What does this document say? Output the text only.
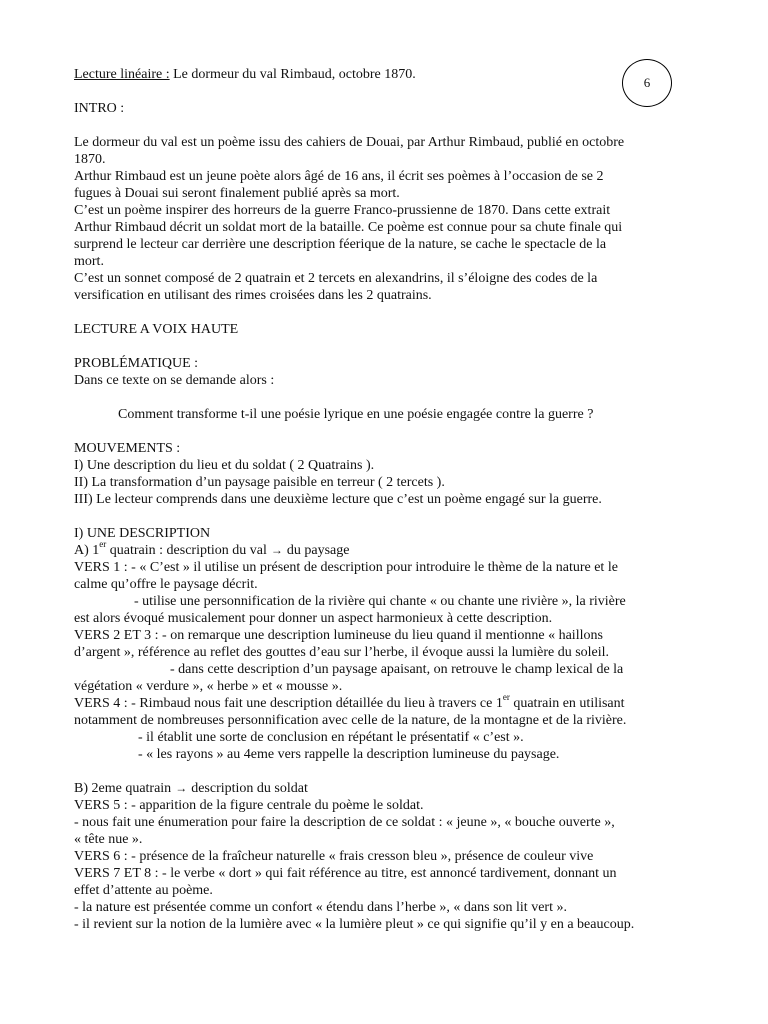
6
Lecture linéaire : Le dormeur du val Rimbaud, octobre 1870.
INTRO :
Le dormeur du val est un poème issu des cahiers de Douai, par Arthur Rimbaud, publié en octobre
1870.
Arthur Rimbaud est un jeune poète alors âgé de 16 ans, il écrit ses poèmes à l’occasion de se 2
fugues à Douai sui seront finalement publié après sa mort.
C’est un poème inspirer des horreurs de la guerre Franco-prussienne de 1870. Dans cette extrait
Arthur Rimbaud décrit un soldat mort de la bataille. Ce poème est connue pour sa chute finale qui
surprend le lecteur car derrière une description féerique de la nature, se cache le spectacle de la
mort.
C’est un sonnet composé de 2 quatrain et 2 tercets en alexandrins, il s’éloigne des codes de la
versification en utilisant des rimes croisées dans les 2 quatrains.
LECTURE A VOIX HAUTE
PROBLÉMATIQUE :
Dans ce texte on se demande alors :
Comment transforme t-il une poésie lyrique en une poésie engagée contre la guerre ?
MOUVEMENTS :
I) Une description du lieu et du soldat ( 2 Quatrains ).
II) La transformation d’un paysage paisible en terreur ( 2 tercets ).
III) Le lecteur comprends dans une deuxième lecture que c’est un poème engagé sur la guerre.
I) UNE DESCRIPTION
A) 1er quatrain : description du val → du paysage
VERS 1 : - « C’est » il utilise un présent de description pour introduire le thème de la nature et le
calme qu’offre le paysage décrit.
- utilise une personnification de la rivière qui chante « ou chante une rivière », la rivière
est alors évoqué musicalement pour donner un aspect harmonieux à cette description.
VERS 2 ET 3 : - on remarque une description lumineuse du lieu quand il mentionne « haillons
d’argent », référence au reflet des gouttes d’eau sur l’herbe, il évoque aussi la lumière du soleil.
- dans cette description d’un paysage apaisant, on retrouve le champ lexical de la
végétation « verdure », « herbe » et « mousse ».
VERS 4 : - Rimbaud nous fait une description détaillée du lieu à travers ce 1er quatrain en utilisant
notamment de nombreuses personnification avec celle de la nature, de la montagne et de la rivière.
- il établit une sorte de conclusion en répétant le présentatif « c’est ».
- « les rayons » au 4eme vers rappelle la description lumineuse du paysage.
B) 2eme quatrain → description du soldat
VERS 5 : - apparition de la figure centrale du poème le soldat.
- nous fait une énumeration pour faire la description de ce soldat : « jeune », « bouche ouverte »,
« tête nue ».
VERS 6 : - présence de la fraîcheur naturelle « frais cresson bleu », présence de couleur vive
VERS 7 ET 8 : - le verbe « dort » qui fait référence au titre, est annoncé tardivement, donnant un
effet d’attente au poème.
- la nature est présentée comme un confort « étendu dans l’herbe », « dans son lit vert ».
- il revient sur la notion de la lumière avec « la lumière pleut » ce qui signifie qu’il y en a beaucoup.
